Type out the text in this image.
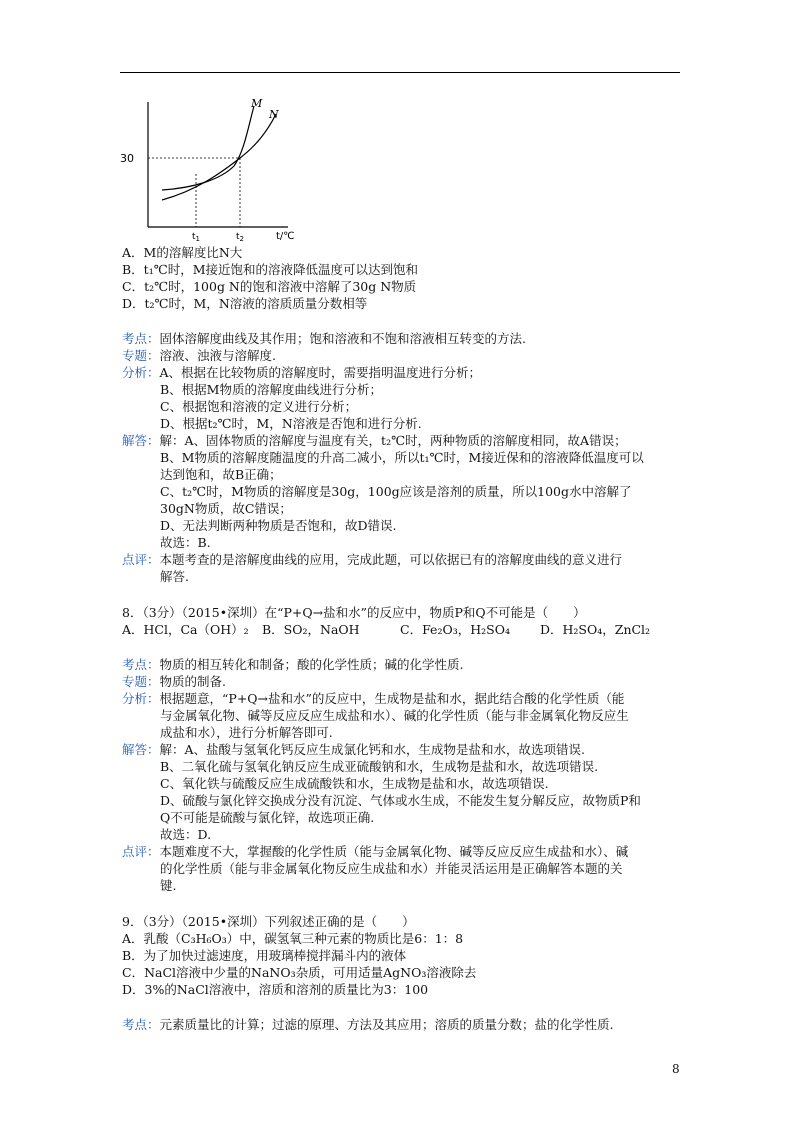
30
M
N
$t_1$	$t_2$	t/℃
A．M的溶解度比N大
B．t₁℃时，M接近饱和的溶液降低温度可以达到饱和
C．t₂℃时，100g N的饱和溶液中溶解了30g N物质
D．t₂℃时，M，N溶液的溶质质量分数相等
考点：固体溶解度曲线及其作用；饱和溶液和不饱和溶液相互转变的方法.
专题：溶液、浊液与溶解度.
分析：A、根据在比较物质的溶解度时，需要指明温度进行分析；
B、根据M物质的溶解度曲线进行分析；
C、根据饱和溶液的定义进行分析；
D、根据t₂℃时，M，N溶液是否饱和进行分析.
解答：解：A、固体物质的溶解度与温度有关，t₂℃时，两种物质的溶解度相同，故A错误；
B、M物质的溶解度随温度的升高二减小，所以t₁℃时，M接近保和的溶液降低温度可以
达到饱和，故B正确；
C、t₂℃时，M物质的溶解度是30g，100g应该是溶剂的质量，所以100g水中溶解了
30gN物质，故C错误；
D、无法判断两种物质是否饱和，故D错误.
故选：B.
点评：本题考查的是溶解度曲线的应用，完成此题，可以依据已有的溶解度曲线的意义进行
解答.
8．（3分）（2015•深圳）在“P+Q→盐和水”的反应中，物质P和Q不可能是（　　）
A．HCl，Ca（OH）₂ B．SO₂，NaOH	C．Fe₂O₃，H₂SO₄ D．H₂SO₄，ZnCl₂
考点：物质的相互转化和制备；酸的化学性质；碱的化学性质.
专题：物质的制备.
分析：根据题意，“P+Q→盐和水”的反应中，生成物是盐和水，据此结合酸的化学性质（能
与金属氧化物、碱等反应反应生成盐和水）、碱的化学性质（能与非金属氧化物反应生
成盐和水），进行分析解答即可.
解答：解：A、盐酸与氢氧化钙反应生成氯化钙和水，生成物是盐和水，故选项错误.
B、二氧化硫与氢氧化钠反应生成亚硫酸钠和水，生成物是盐和水，故选项错误.
C、氧化铁与硫酸反应生成硫酸铁和水，生成物是盐和水，故选项错误.
D、硫酸与氯化锌交换成分没有沉淀、气体或水生成，不能发生复分解反应，故物质P和
Q不可能是硫酸与氯化锌，故选项正确.
故选：D.
点评：本题难度不大，掌握酸的化学性质（能与金属氧化物、碱等反应反应生成盐和水）、碱
的化学性质（能与非金属氧化物反应生成盐和水）并能灵活运用是正确解答本题的关
键.
9．（3分）（2015•深圳）下列叙述正确的是（　　）
A．乳酸（C₃H₆O₃）中，碳氢氧三种元素的物质比是6：1：8
B．为了加快过滤速度，用玻璃棒搅拌漏斗内的液体
C．NaCl溶液中少量的NaNO₃杂质，可用适量AgNO₃溶液除去
D．3%的NaCl溶液中，溶质和溶剂的质量比为3：100
考点：元素质量比的计算；过滤的原理、方法及其应用；溶质的质量分数；盐的化学性质.
8
